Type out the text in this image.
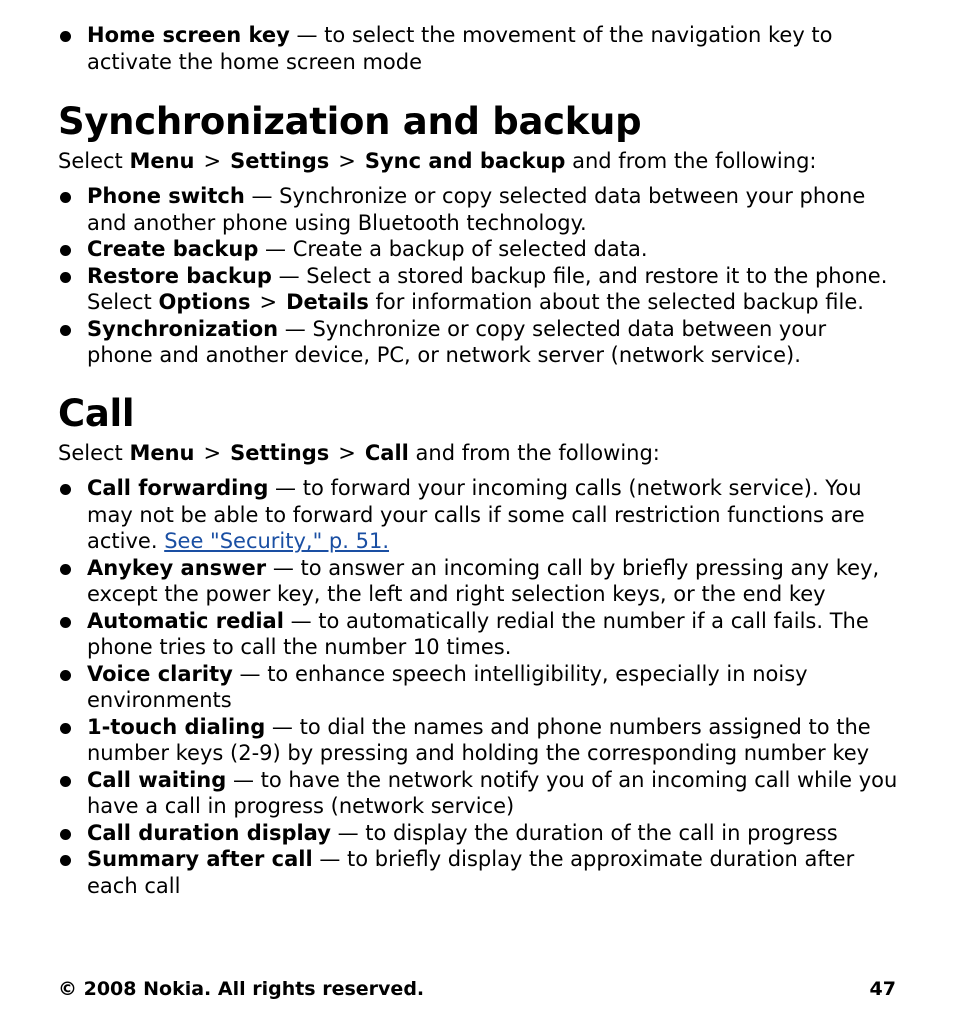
Home screen key — to select the movement of the navigation key to activate the home screen mode
Synchronization and backup
Select Menu > Settings > Sync and backup and from the following:
Phone switch — Synchronize or copy selected data between your phone and another phone using Bluetooth technology.
Create backup — Create a backup of selected data.
Restore backup — Select a stored backup file, and restore it to the phone. Select Options > Details for information about the selected backup file.
Synchronization — Synchronize or copy selected data between your phone and another device, PC, or network server (network service).
Call
Select Menu > Settings > Call and from the following:
Call forwarding — to forward your incoming calls (network service). You may not be able to forward your calls if some call restriction functions are active. See "Security," p. 51.
Anykey answer — to answer an incoming call by briefly pressing any key, except the power key, the left and right selection keys, or the end key
Automatic redial — to automatically redial the number if a call fails. The phone tries to call the number 10 times.
Voice clarity — to enhance speech intelligibility, especially in noisy environments
1-touch dialing — to dial the names and phone numbers assigned to the number keys (2-9) by pressing and holding the corresponding number key
Call waiting — to have the network notify you of an incoming call while you have a call in progress (network service)
Call duration display — to display the duration of the call in progress
Summary after call — to briefly display the approximate duration after each call
© 2008 Nokia. All rights reserved.	47
